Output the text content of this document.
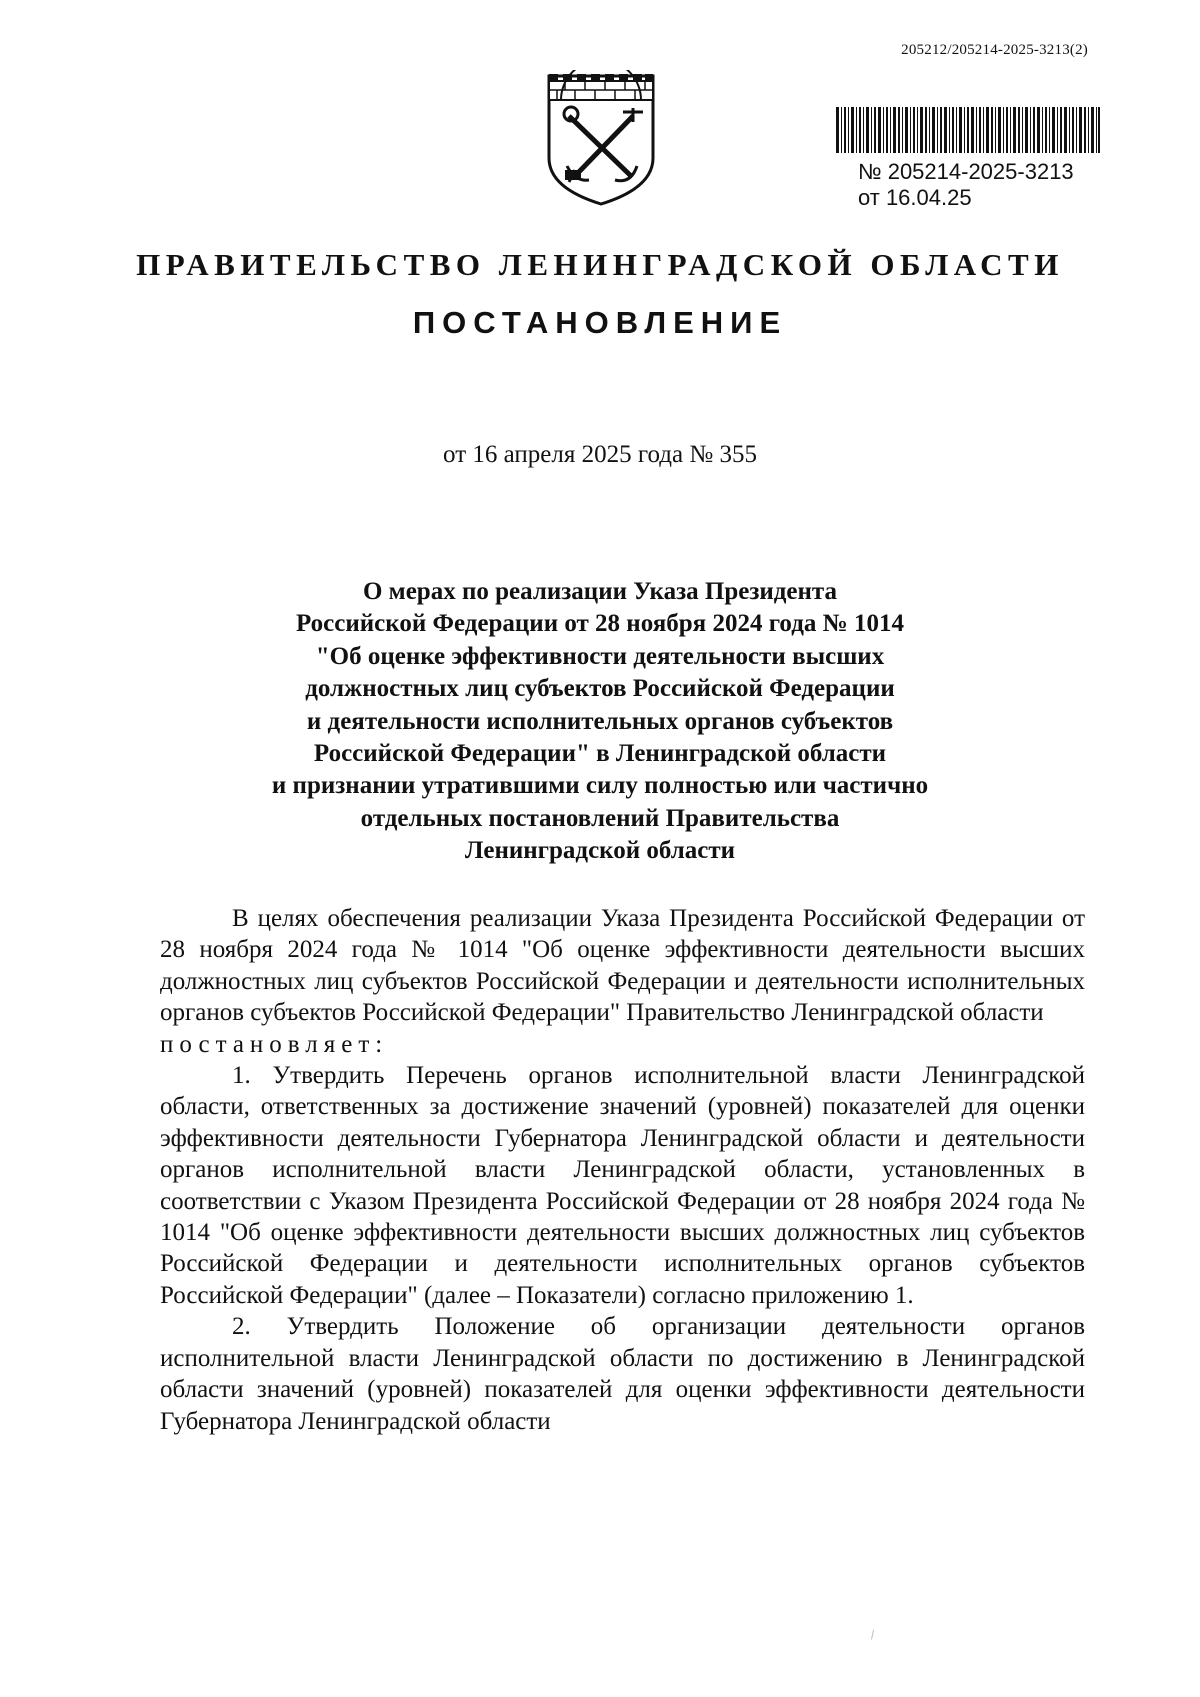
205212/205214-2025-3213(2)
№ 205214-2025-3213
от 16.04.25
ПРАВИТЕЛЬСТВО ЛЕНИНГРАДСКОЙ ОБЛАСТИ
ПОСТАНОВЛЕНИЕ
от 16 апреля 2025 года № 355
О мерах по реализации Указа Президента
Российской Федерации от 28 ноября 2024 года № 1014
"Об оценке эффективности деятельности высших
должностных лиц субъектов Российской Федерации
и деятельности исполнительных органов субъектов
Российской Федерации" в Ленинградской области
и признании утратившими силу полностью или частично
отдельных постановлений Правительства
Ленинградской области

В целях обеспечения реализации Указа Президента Российской Федерации от 28 ноября 2024 года № 1014 "Об оценке эффективности деятельности высших должностных лиц субъектов Российской Федерации и деятельности исполнительных органов субъектов Российской Федерации" Правительство Ленинградской области

постановляет:

1. Утвердить Перечень органов исполнительной власти Ленинградской области, ответственных за достижение значений (уровней) показателей для оценки эффективности деятельности Губернатора Ленинградской области и деятельности органов исполнительной власти Ленинградской области, установленных в соответствии с Указом Президента Российской Федерации от 28 ноября 2024 года № 1014 "Об оценке эффективности деятельности высших должностных лиц субъектов Российской Федерации и деятельности исполнительных органов субъектов Российской Федерации" (далее – Показатели) согласно приложению 1.

2. Утвердить Положение об организации деятельности органов исполнительной власти Ленинградской области по достижению в Ленинградской области значений (уровней) показателей для оценки эффективности деятельности Губернатора Ленинградской области
